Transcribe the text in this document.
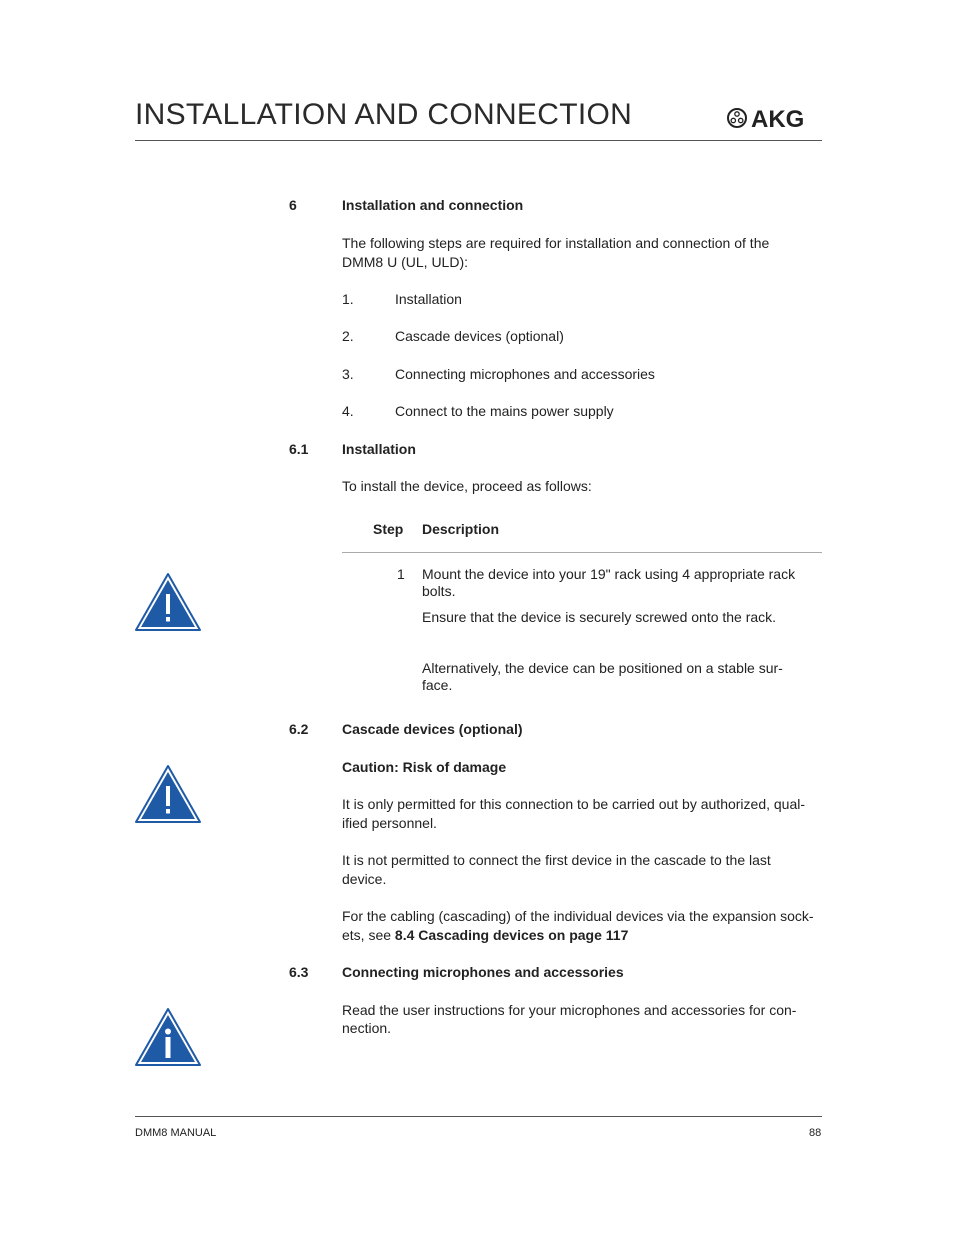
INSTALLATION AND CONNECTION	AKG
6	Installation and connection
The following steps are required for installation and connection of the
DMM8 U (UL, ULD):
1.	Installation
2.	Cascade devices (optional)
3.	Connecting microphones and accessories
4.	Connect to the mains power supply
6.1 Installation
To install the device, proceed as follows:
Step Description
1 Mount the device into your 19" rack using 4 appropriate rack
bolts.
Ensure that the device is securely screwed onto the rack.
Alternatively, the device can be positioned on a stable sur-
face.
6.2 Cascade devices (optional)
Caution: Risk of damage
It is only permitted for this connection to be carried out by authorized, qual-
ified personnel.
It is not permitted to connect the first device in the cascade to the last
device.
For the cabling (cascading) of the individual devices via the expansion sock-
ets, see 8.4 Cascading devices on page 117
6.3 Connecting microphones and accessories
Read the user instructions for your microphones and accessories for con-
nection.
DMM8 MANUAL	88
